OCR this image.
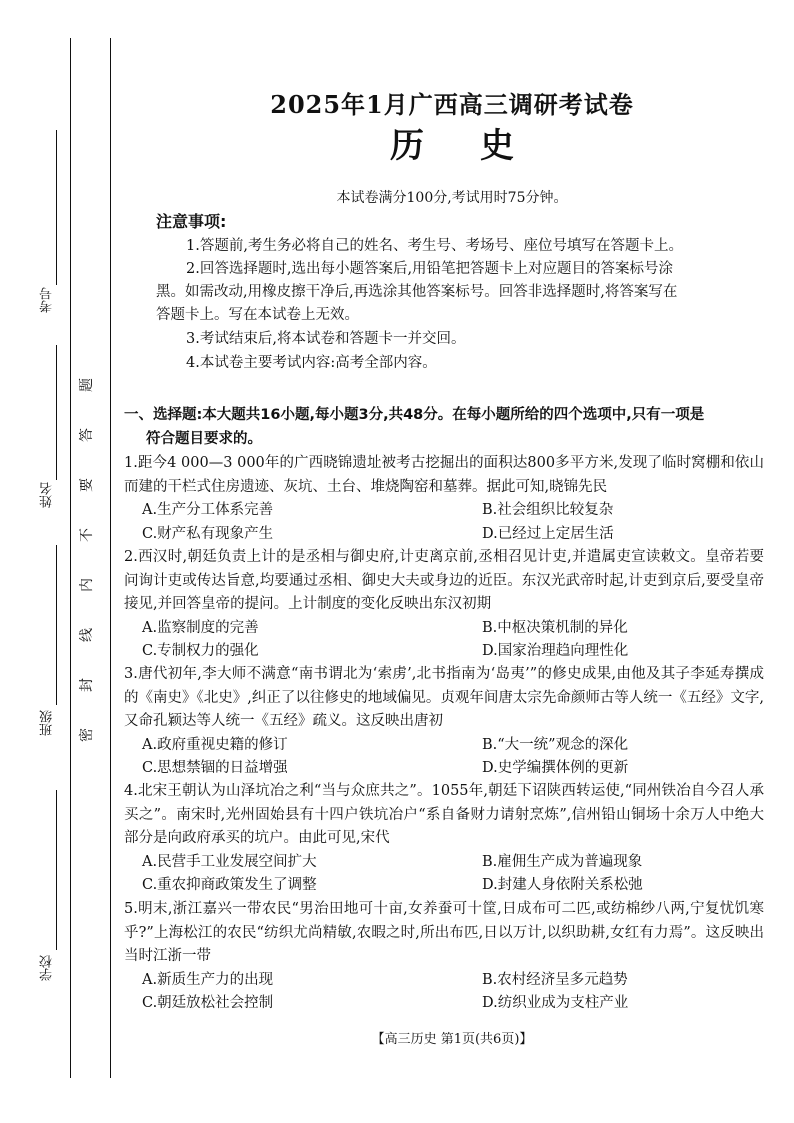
考号
姓名
班级
学校
题
答
要
不
内
线
封
密
2025年1月广西高三调研考试卷
历史
本试卷满分100分,考试用时75分钟。
注意事项:
1.答题前,考生务必将自己的姓名、考生号、考场号、座位号填写在答题卡上。
2.回答选择题时,选出每小题答案后,用铅笔把答题卡上对应题目的答案标号涂
黑。如需改动,用橡皮擦干净后,再选涂其他答案标号。回答非选择题时,将答案写在
答题卡上。写在本试卷上无效。
3.考试结束后,将本试卷和答题卡一并交回。
4.本试卷主要考试内容:高考全部内容。
一、选择题:本大题共16小题,每小题3分,共48分。在每小题所给的四个选项中,只有一项是
符合题目要求的。
1.距今4 000—3 000年的广西晓锦遗址被考古挖掘出的面积达800多平方米,发现了临时窝棚和依山而建的干栏式住房遗迹、灰坑、土台、堆烧陶窑和墓葬。据此可知,晓锦先民
A.生产分工体系完善	B.社会组织比较复杂
C.财产私有现象产生	D.已经过上定居生活
2.西汉时,朝廷负责上计的是丞相与御史府,计吏离京前,丞相召见计吏,并遣属吏宣读敕文。皇帝若要问询计吏或传达旨意,均要通过丞相、御史大夫或身边的近臣。东汉光武帝时起,计吏到京后,要受皇帝接见,并回答皇帝的提问。上计制度的变化反映出东汉初期
A.监察制度的完善	B.中枢决策机制的异化
C.专制权力的强化	D.国家治理趋向理性化
3.唐代初年,李大师不满意“南书谓北为‘索虏’,北书指南为‘岛夷’”的修史成果,由他及其子李延寿撰成的《南史》《北史》,纠正了以往修史的地域偏见。贞观年间唐太宗先命颜师古等人统一《五经》文字,又命孔颖达等人统一《五经》疏义。这反映出唐初
A.政府重视史籍的修订	B.“大一统”观念的深化
C.思想禁锢的日益增强	D.史学编撰体例的更新
4.北宋王朝认为山泽坑冶之利“当与众庶共之”。1055年,朝廷下诏陕西转运使,“同州铁冶自今召人承买之”。南宋时,光州固始县有十四户铁坑冶户“系自备财力请射烹炼”,信州铅山铜场十余万人中绝大部分是向政府承买的坑户。由此可见,宋代
A.民营手工业发展空间扩大	B.雇佣生产成为普遍现象
C.重农抑商政策发生了调整	D.封建人身依附关系松弛
5.明末,浙江嘉兴一带农民“男治田地可十亩,女养蚕可十筐,日成布可二匹,或纺棉纱八两,宁复忧饥寒乎?”上海松江的农民“纺织尤尚精敏,农暇之时,所出布匹,日以万计,以织助耕,女红有力焉”。这反映出当时江浙一带
A.新质生产力的出现	B.农村经济呈多元趋势
C.朝廷放松社会控制	D.纺织业成为支柱产业
【高三历史 第1页(共6页)】
